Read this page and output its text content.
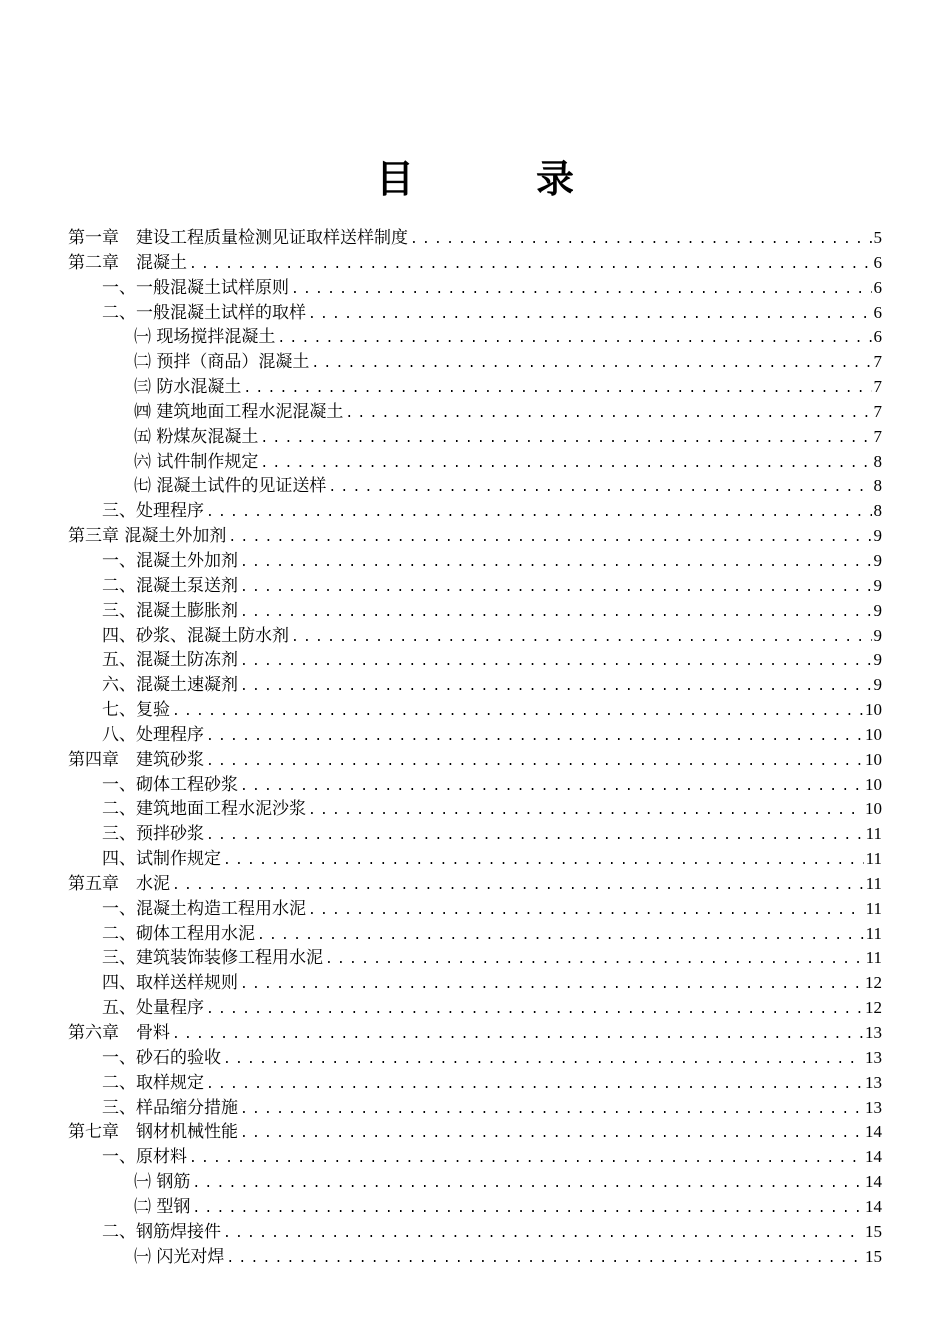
目　录
第一章　建设工程质量检测见证取样送样制度 .....	5
第二章　混凝土 .....	6
一、一般混凝土试样原则 .....	6
二、一般混凝土试样的取样 .....	6
㈠ 现场搅拌混凝土 .....	6
㈡ 预拌（商品）混凝土 .....	7
㈢ 防水混凝土 .....	7
㈣ 建筑地面工程水泥混凝土 .....	7
㈤ 粉煤灰混凝土 .....	7
㈥ 试件制作规定 .....	8
㈦ 混凝土试件的见证送样 .....	8
三、处理程序 .....	8
第三章 混凝土外加剂 .....	9
一、混凝土外加剂 .....	9
二、混凝土泵送剂 .....	9
三、混凝土膨胀剂 .....	9
四、砂浆、混凝土防水剂 .....	9
五、混凝土防冻剂 .....	9
六、混凝土速凝剂 .....	9
七、复验 .....	10
八、处理程序 .....	10
第四章　建筑砂浆 .....	10
一、砌体工程砂浆 .....	10
二、建筑地面工程水泥沙浆 .....	10
三、预拌砂浆 .....	11
四、试制作规定 .....	11
第五章　水泥 .....	11
一、混凝土构造工程用水泥 .....	11
二、砌体工程用水泥 .....	11
三、建筑装饰装修工程用水泥 .....	11
四、取样送样规则 .....	12
五、处量程序 .....	12
第六章　骨料 .....	13
一、砂石的验收 .....	13
二、取样规定 .....	13
三、样品缩分措施 .....	13
第七章　钢材机械性能 .....	14
一、原材料 .....	14
㈠ 钢筋 .....	14
㈡ 型钢 .....	14
二、钢筋焊接件 .....	15
㈠ 闪光对焊 .....	15
